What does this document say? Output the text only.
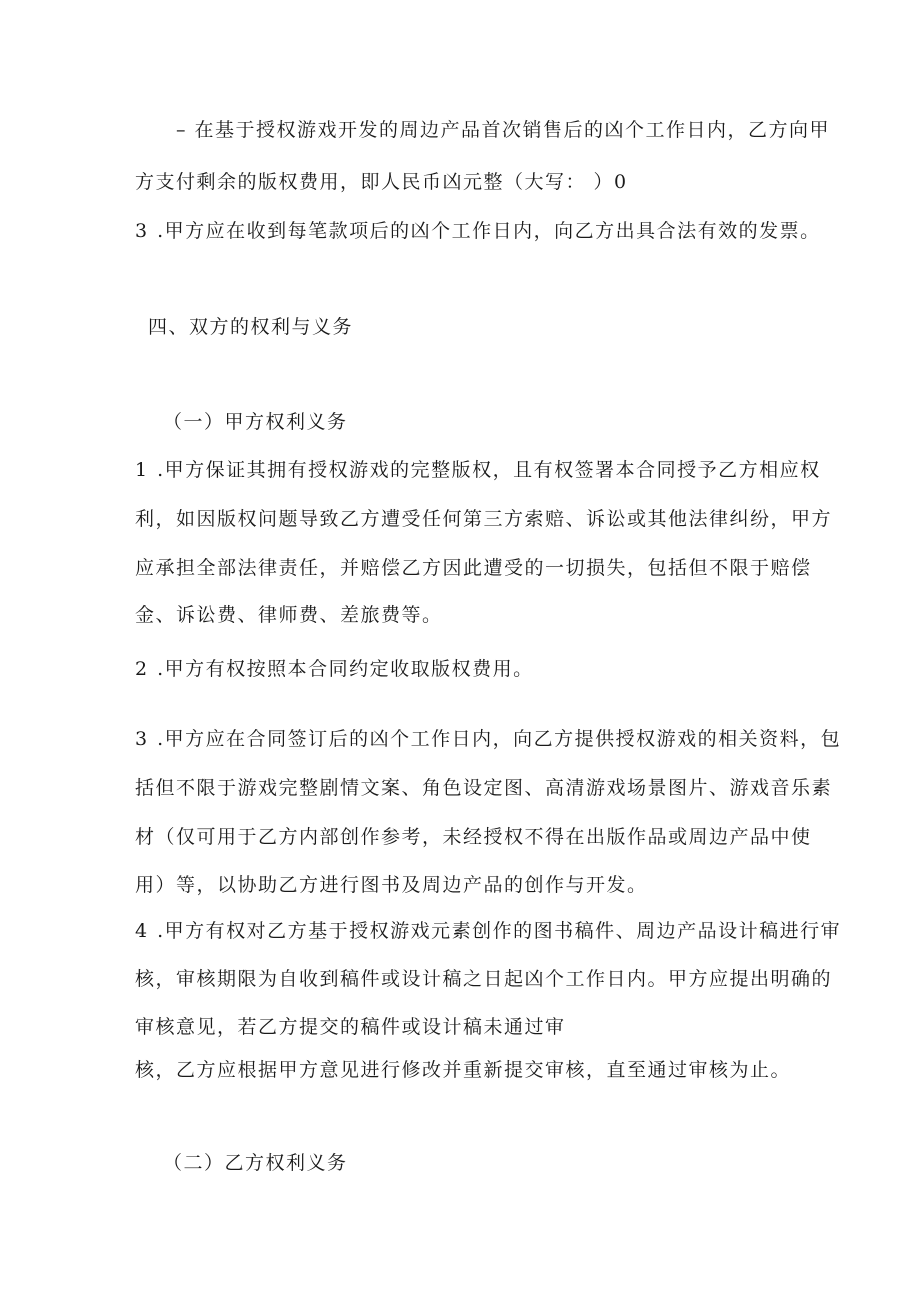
– 在基于授权游戏开发的周边产品首次销售后的凶个工作日内，乙方向甲
方支付剩余的版权费用，即人民币凶元整（大写： ）0
3 .甲方应在收到每笔款项后的凶个工作日内，向乙方出具合法有效的发票。
四、双方的权利与义务
（一）甲方权利义务
1 .甲方保证其拥有授权游戏的完整版权，且有权签署本合同授予乙方相应权
利，如因版权问题导致乙方遭受任何第三方索赔、诉讼或其他法律纠纷，甲方
应承担全部法律责任，并赔偿乙方因此遭受的一切损失，包括但不限于赔偿
金、诉讼费、律师费、差旅费等。
2 .甲方有权按照本合同约定收取版权费用。
3 .甲方应在合同签订后的凶个工作日内，向乙方提供授权游戏的相关资料，包
括但不限于游戏完整剧情文案、角色设定图、高清游戏场景图片、游戏音乐素
材（仅可用于乙方内部创作参考，未经授权不得在出版作品或周边产品中使
用）等，以协助乙方进行图书及周边产品的创作与开发。
4 .甲方有权对乙方基于授权游戏元素创作的图书稿件、周边产品设计稿进行审
核，审核期限为自收到稿件或设计稿之日起凶个工作日内。甲方应提出明确的
审核意见，若乙方提交的稿件或设计稿未通过审
核，乙方应根据甲方意见进行修改并重新提交审核，直至通过审核为止。
（二）乙方权利义务
